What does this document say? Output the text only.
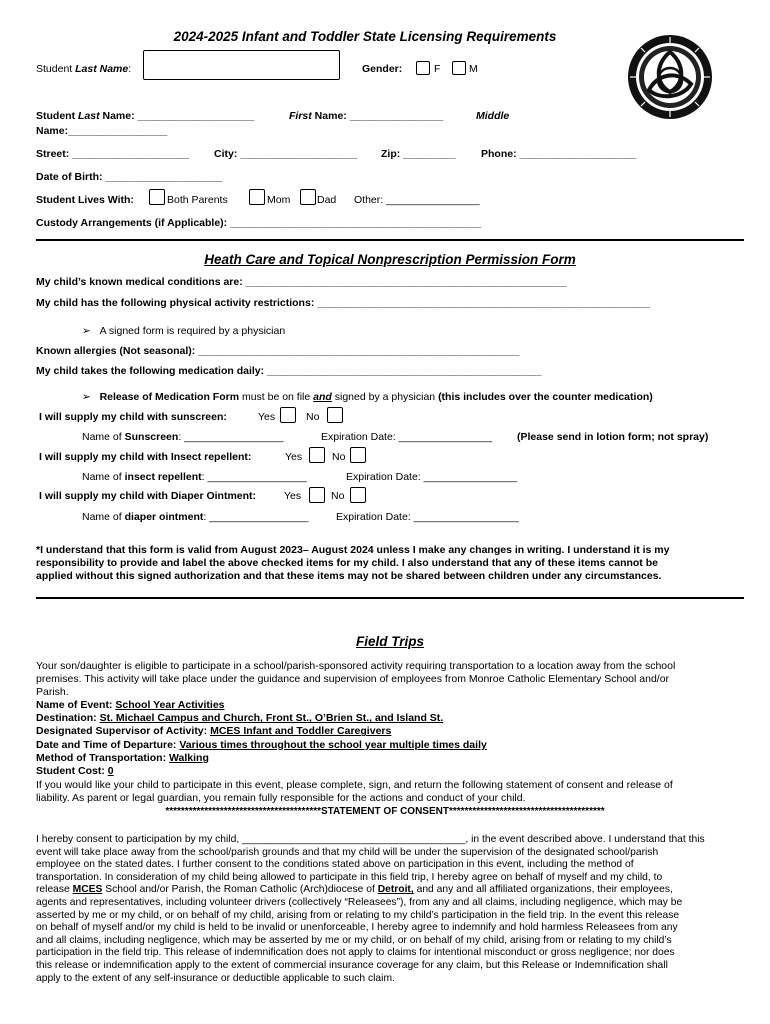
2024-2025 Infant and Toddler State Licensing Requirements
Student Last Name:	Gender:	F	M
Student Last Name: ____________________	First Name: ________________	Middle
Name:_________________
Street: ____________________ City: ____________________ Zip: _________ Phone: ____________________
Date of Birth: ____________________
Student Lives With:	Both Parents	Mom	Dad Other: ________________
Custody Arrangements (if Applicable): ___________________________________________
Heath Care and Topical Nonprescription Permission Form
My child’s known medical conditions are: _______________________________________________________
My child has the following physical activity restrictions: _________________________________________________________
➢ A signed form is required by a physician
Known allergies (Not seasonal): _______________________________________________________
My child takes the following medication daily: _______________________________________________
➢ Release of Medication Form must be on file and signed by a physician (this includes over the counter medication)
I will supply my child with sunscreen:	Yes	No
Name of Sunscreen: _________________	Expiration Date: ________________ (Please send in lotion form; not spray)
I will supply my child with Insect repellent:	Yes	No
Name of insect repellent: _________________	Expiration Date: ________________
I will supply my child with Diaper Ointment:	Yes	No
Name of diaper ointment: _________________	Expiration Date: __________________
*I understand that this form is valid from August 2023– August 2024 unless I make any changes in writing. I understand it is my
responsibility to provide and label the above checked items for my child. I also understand that any of these items cannot be
applied without this signed authorization and that these items may not be shared between children under any circumstances.
Field Trips
Your son/daughter is eligible to participate in a school/parish-sponsored activity requiring transportation to a location away from the school
premises. This activity will take place under the guidance and supervision of employees from Monroe Catholic Elementary School and/or
Parish.
Name of Event: School Year Activities
Destination: St. Michael Campus and Church, Front St., O’Brien St., and Island St.
Designated Supervisor of Activity: MCES Infant and Toddler Caregivers
Date and Time of Departure: Various times throughout the school year multiple times daily
Method of Transportation: Walking
Student Cost: 0
If you would like your child to participate in this event, please complete, sign, and return the following statement of consent and release of
liability. As parent or legal guardian, you remain fully responsible for the actions and conduct of your child.
****************************************STATEMENT OF CONSENT****************************************
I hereby consent to participation by my child, _______________________________________, in the event described above. I understand that this
event will take place away from the school/parish grounds and that my child will be under the supervision of the designated school/parish
employee on the stated dates. I further consent to the conditions stated above on participation in this event, including the method of
transportation. In consideration of my child being allowed to participate in this field trip, I hereby agree on behalf of myself and my child, to
release MCES School and/or Parish, the Roman Catholic (Arch)diocese of Detroit, and any and all affiliated organizations, their employees,
agents and representatives, including volunteer drivers (collectively “Releasees”), from any and all claims, including negligence, which may be
asserted by me or my child, or on behalf of my child, arising from or relating to my child’s participation in the field trip. In the event this release
on behalf of myself and/or my child is held to be invalid or unenforceable, I hereby agree to indemnify and hold harmless Releasees from any
and all claims, including negligence, which may be asserted by me or my child, or on behalf of my child, arising from or relating to my child’s
participation in the field trip. This release of indemnification does not apply to claims for intentional misconduct or gross negligence; nor does
this release or indemnification apply to the extent of commercial insurance coverage for any claim, but this Release or Indemnification shall
apply to the extent of any self-insurance or deductible applicable to such claim.
